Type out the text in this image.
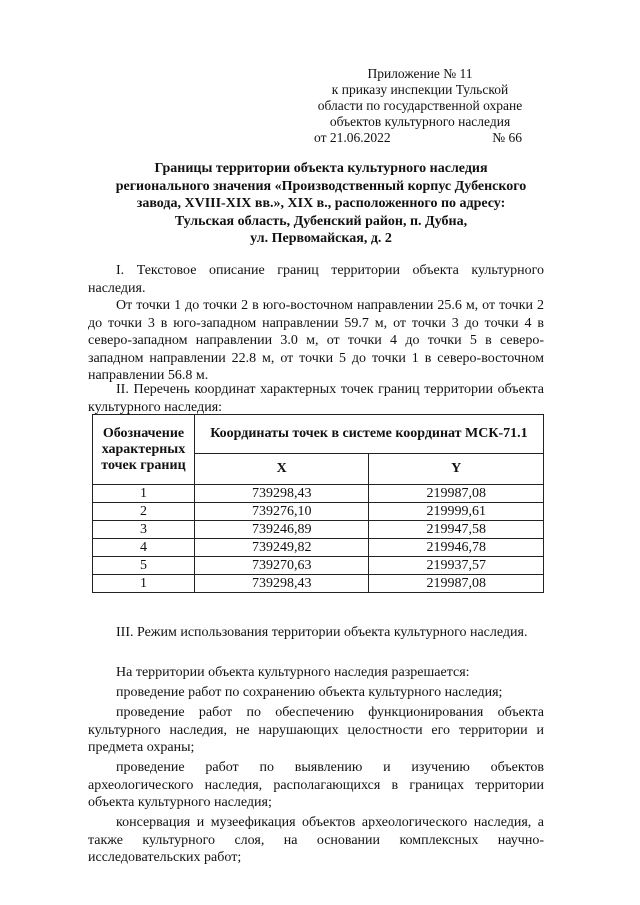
Приложение № 11
к приказу инспекции Тульской
области по государственной охране
объектов культурного наследия
от 21.06.2022	№ 66
Границы территории объекта культурного наследия
регионального значения «Производственный корпус Дубенского
завода, XVIII-XIX вв.», XIX в., расположенного по адресу:
Тульская область, Дубенский район, п. Дубна,
ул. Первомайская, д. 2
I. Текстовое описание границ территории объекта культурного наследия.
От точки 1 до точки 2 в юго-восточном направлении 25.6 м, от точки 2 до точки 3 в юго-западном направлении 59.7 м, от точки 3 до точки 4 в северо-западном направлении 3.0 м, от точки 4 до точки 5 в северо-западном направлении 22.8 м, от точки 5 до точки 1 в северо-восточном направлении 56.8 м.
II. Перечень координат характерных точек границ территории объекта культурного наследия:
Обозначение характерных точек границ	Координаты точек в системе координат МСК-71.1	
	X	Y
1	739298,43	219987,08
2	739276,10	219999,61
3	739246,89	219947,58
4	739249,82	219946,78
5	739270,63	219937,57
1	739298,43	219987,08
III. Режим использования территории объекта культурного наследия.
На территории объекта культурного наследия разрешается:
проведение работ по сохранению объекта культурного наследия;
проведение работ по обеспечению функционирования объекта культурного наследия, не нарушающих целостности его территории и предмета охраны;
проведение работ по выявлению и изучению объектов археологического наследия, располагающихся в границах территории объекта культурного наследия;
консервация и музеефикация объектов археологического наследия, а также культурного слоя, на основании комплексных научно-исследовательских работ;
